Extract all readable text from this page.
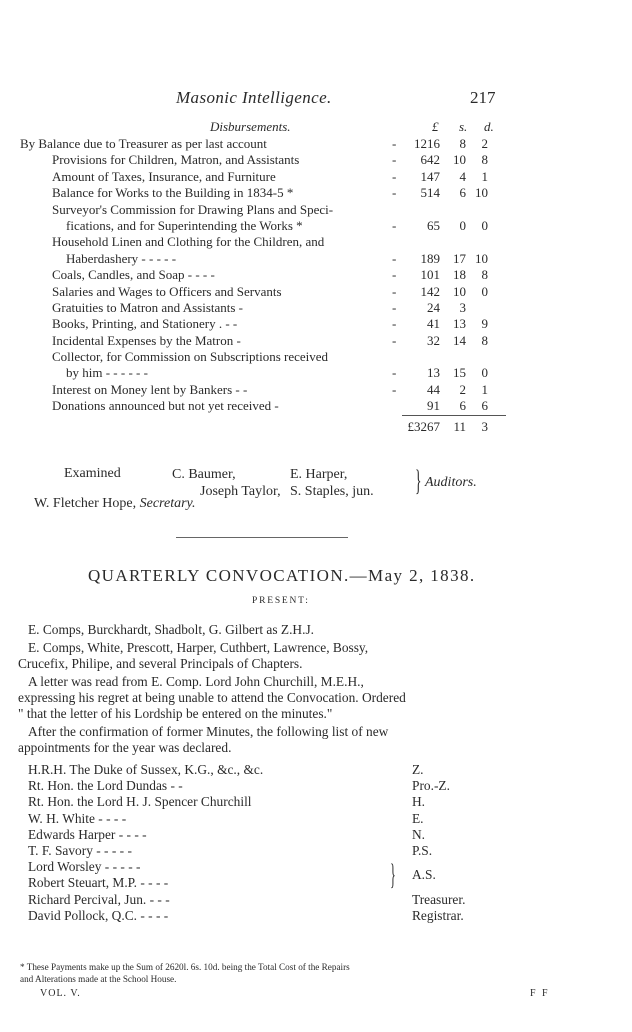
Masonic Intelligence.	217
Disbursements.	£ s. d.
By Balance due to Treasurer as per last account	-	1216	8	2
Provisions for Children, Matron, and Assistants	-	642	10	8
Amount of Taxes, Insurance, and Furniture	-	147	4	1
Balance for Works to the Building in 1834-5 *	-	514	6 10
Surveyor's Commission for Drawing Plans and Speci-
fications, and for Superintending the Works *	-	65	0	0
Household Linen and Clothing for the Children, and
Haberdashery - - - - -	-	189	17 10
Coals, Candles, and Soap - - - -	-	101	18	8
Salaries and Wages to Officers and Servants	-	142	10	0
Gratuities to Matron and Assistants -	-	24	3
Books, Printing, and Stationery . - -	-	41	13	9
Incidental Expenses by the Matron -	-	32	14	8
Collector, for Commission on Subscriptions received
by him - - - - - -	-	13	15	0
Interest on Money lent by Bankers - -	-	44	2	1
Donations announced but not yet received -	91	6	6
£3267	11	3
Examined	C. Baumer,
Joseph Taylor,
E. Harper,
S. Staples, jun. } Auditors.
W. Fletcher Hope, Secretary.
QUARTERLY CONVOCATION.—May 2, 1838.
PRESENT:
E. Comps, Burckhardt, Shadbolt, G. Gilbert as Z.H.J.
E. Comps, White, Prescott, Harper, Cuthbert, Lawrence, Bossy,
Crucefix, Philipe, and several Principals of Chapters.
A letter was read from E. Comp. Lord John Churchill, M.E.H.,
expressing his regret at being unable to attend the Convocation. Ordered
" that the letter of his Lordship be entered on the minutes."
After the confirmation of former Minutes, the following list of new
appointments for the year was declared.
H.R.H. The Duke of Sussex, K.G., &c., &c.	Z.
Rt. Hon. the Lord Dundas - -	Pro.-Z.
Rt. Hon. the Lord H. J. Spencer Churchill	H.
W. H. White - - - -	E.
Edwards Harper - - - -	N.
T. F. Savory - - - - -	P.S.
Lord Worsley - - - - -	} A.S.
Robert Steuart, M.P. - - - -
Richard Percival, Jun. - - -	Treasurer.
David Pollock, Q.C. - - - -	Registrar.
* These Payments make up the Sum of 2620l. 6s. 10d. being the Total Cost of the Repairs
and Alterations made at the School House.
VOL. V.	F F
